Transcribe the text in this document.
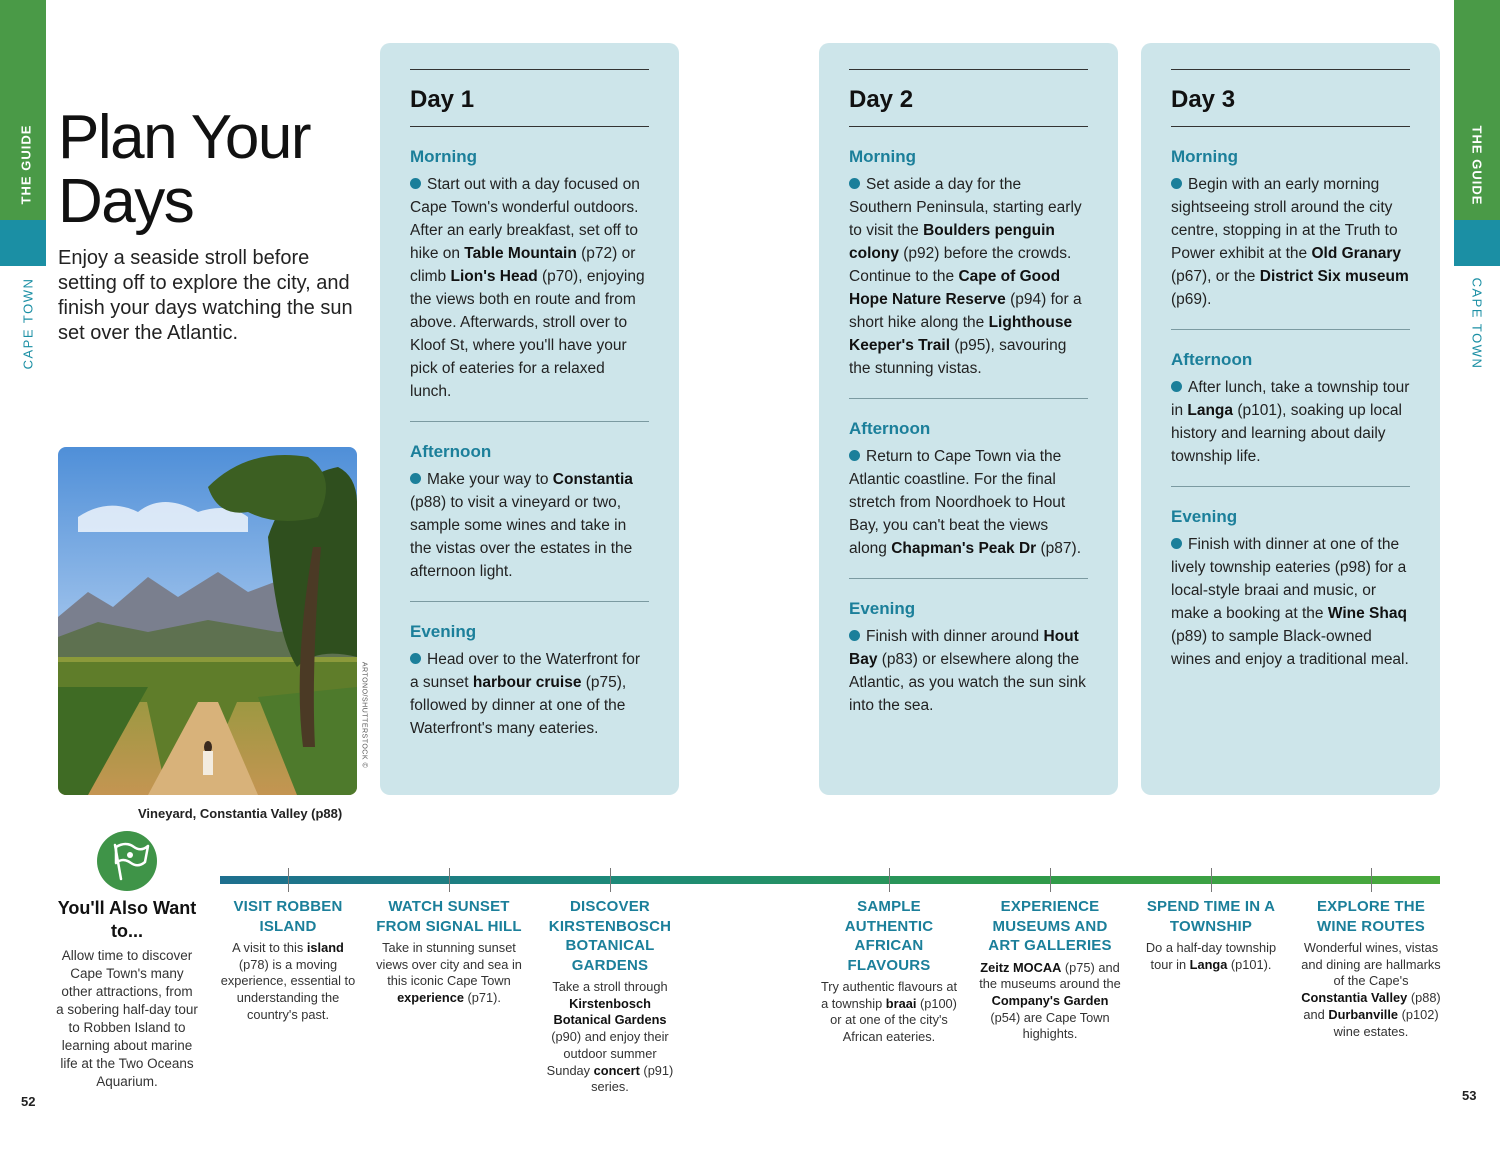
THE GUIDE
CAPE TOWN
THE GUIDE
CAPE TOWN
52	53
Plan Your
Days

Enjoy a seaside stroll before setting off to explore the city, and finish your days watching the sun set over the Atlantic.

ARTONO/SHUTTERSTOCK ©
Vineyard, Constantia Valley (p88)
Day 1
Morning
Start out with a day focused on Cape Town's wonderful outdoors. After an early breakfast, set off to hike on Table Mountain (p72) or climb Lion's Head (p70), enjoying the views both en route and from above. Afterwards, stroll over to Kloof St, where you'll have your pick of eateries for a relaxed lunch.
Afternoon
Make your way to Constantia (p88) to visit a vineyard or two, sample some wines and take in the vistas over the estates in the afternoon light.
Evening
Head over to the Waterfront for a sunset harbour cruise (p75), followed by dinner at one of the Waterfront's many eateries.
Day 2
Morning
Set aside a day for the Southern Peninsula, starting early to visit the Boulders penguin colony (p92) before the crowds. Continue to the Cape of Good Hope Nature Reserve (p94) for a short hike along the Lighthouse Keeper's Trail (p95), savouring the stunning vistas.
Afternoon
Return to Cape Town via the Atlantic coastline. For the final stretch from Noordhoek to Hout Bay, you can't beat the views along Chapman's Peak Dr (p87).
Evening
Finish with dinner around Hout Bay (p83) or elsewhere along the Atlantic, as you watch the sun sink into the sea.
Day 3
Morning
Begin with an early morning sightseeing stroll around the city centre, stopping in at the Truth to Power exhibit at the Old Granary (p67), or the District Six museum (p69).
Afternoon
After lunch, take a township tour in Langa (p101), soaking up local history and learning about daily township life.
Evening
Finish with dinner at one of the lively township eateries (p98) for a local-style braai and music, or make a booking at the Wine Shaq (p89) to sample Black-owned wines and enjoy a traditional meal.
You'll Also Want to...
Allow time to discover Cape Town's many other attractions, from a sobering half-day tour to Robben Island to learning about marine life at the Two Oceans Aquarium.
VISIT ROBBEN ISLAND
A visit to this island (p78) is a moving experience, essential to understanding the country's past.
WATCH SUNSET FROM SIGNAL HILL
Take in stunning sunset views over city and sea in this iconic Cape Town experience (p71).
DISCOVER KIRSTENBOSCH BOTANICAL GARDENS
Take a stroll through Kirstenbosch Botanical Gardens (p90) and enjoy their outdoor summer Sunday concert (p91) series.
SAMPLE AUTHENTIC AFRICAN FLAVOURS
Try authentic flavours at a township braai (p100) or at one of the city's African eateries.
EXPERIENCE MUSEUMS AND ART GALLERIES
Zeitz MOCAA (p75) and the museums around the Company's Garden (p54) are Cape Town highights.
SPEND TIME IN A TOWNSHIP
Do a half-day township tour in Langa (p101).
EXPLORE THE WINE ROUTES
Wonderful wines, vistas and dining are hallmarks of the Cape's Constantia Valley (p88) and Durbanville (p102) wine estates.
